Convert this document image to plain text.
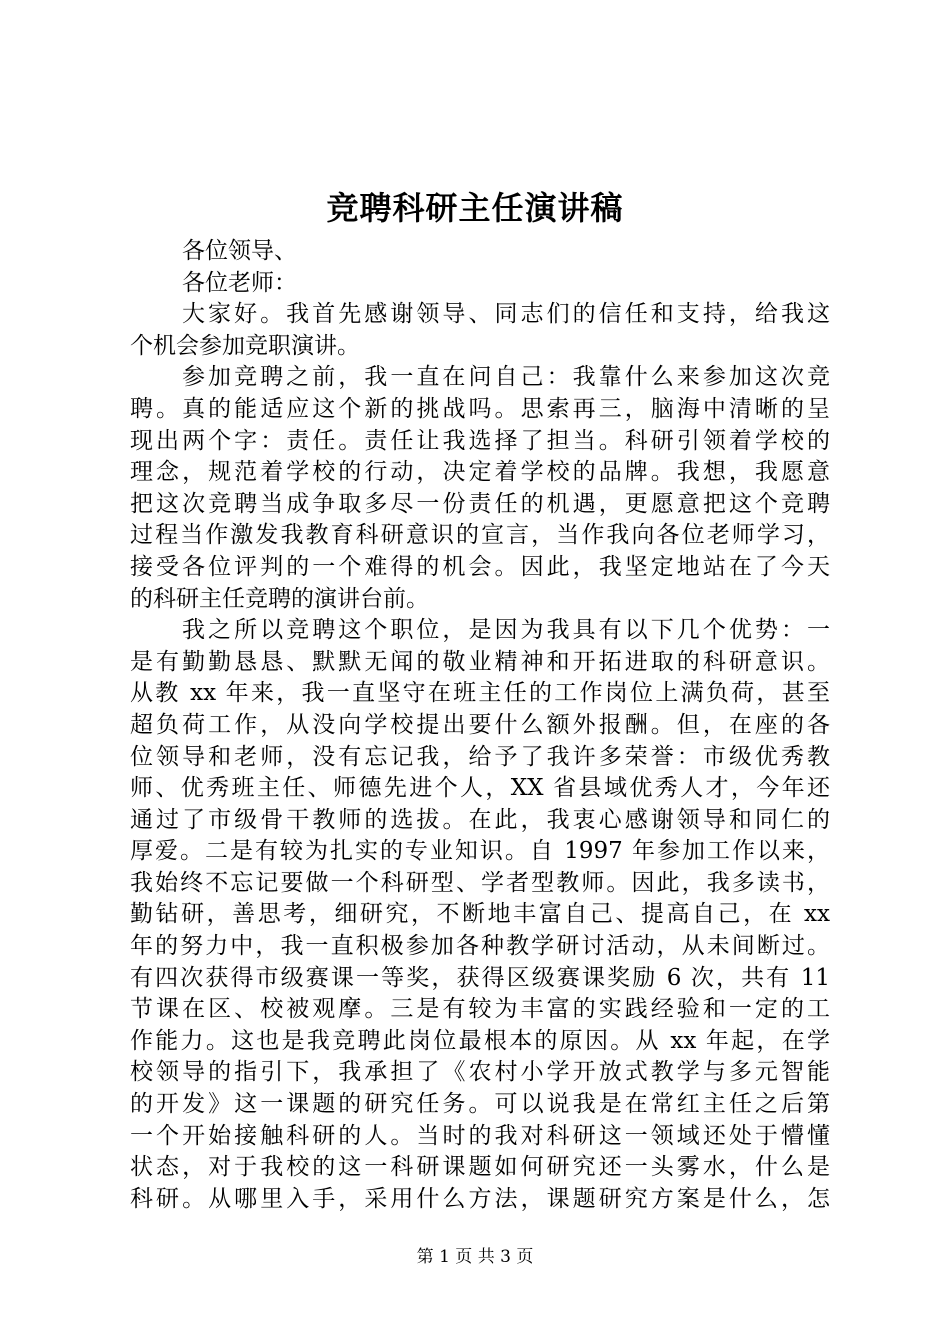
竞聘科研主任演讲稿
各位领导、
各位老师：
大家好。我首先感谢领导、同志们的信任和支持，给我这
个机会参加竞职演讲。
参加竞聘之前，我一直在问自己：我靠什么来参加这次竞
聘。真的能适应这个新的挑战吗。思索再三，脑海中清晰的呈
现出两个字：责任。责任让我选择了担当。科研引领着学校的
理念，规范着学校的行动，决定着学校的品牌。我想，我愿意
把这次竞聘当成争取多尽一份责任的机遇，更愿意把这个竞聘
过程当作激发我教育科研意识的宣言，当作我向各位老师学习，
接受各位评判的一个难得的机会。因此，我坚定地站在了今天
的科研主任竞聘的演讲台前。
我之所以竞聘这个职位，是因为我具有以下几个优势：一
是有勤勤恳恳、默默无闻的敬业精神和开拓进取的科研意识。
从教 xx 年来，我一直坚守在班主任的工作岗位上满负荷，甚至
超负荷工作，从没向学校提出要什么额外报酬。但，在座的各
位领导和老师，没有忘记我，给予了我许多荣誉：市级优秀教
师、优秀班主任、师德先进个人，XX 省县域优秀人才，今年还
通过了市级骨干教师的选拔。在此，我衷心感谢领导和同仁的
厚爱。二是有较为扎实的专业知识。自 1997 年参加工作以来，
我始终不忘记要做一个科研型、学者型教师。因此，我多读书，
勤钻研，善思考，细研究，不断地丰富自己、提高自己，在 xx
年的努力中，我一直积极参加各种教学研讨活动，从未间断过。
有四次获得市级赛课一等奖，获得区级赛课奖励 6 次，共有 11
节课在区、校被观摩。三是有较为丰富的实践经验和一定的工
作能力。这也是我竞聘此岗位最根本的原因。从 xx 年起，在学
校领导的指引下，我承担了《农村小学开放式教学与多元智能
的开发》这一课题的研究任务。可以说我是在常红主任之后第
一个开始接触科研的人。当时的我对科研这一领域还处于懵懂
状态，对于我校的这一科研课题如何研究还一头雾水，什么是
科研。从哪里入手，采用什么方法，课题研究方案是什么，怎
第 1 页 共 3 页
